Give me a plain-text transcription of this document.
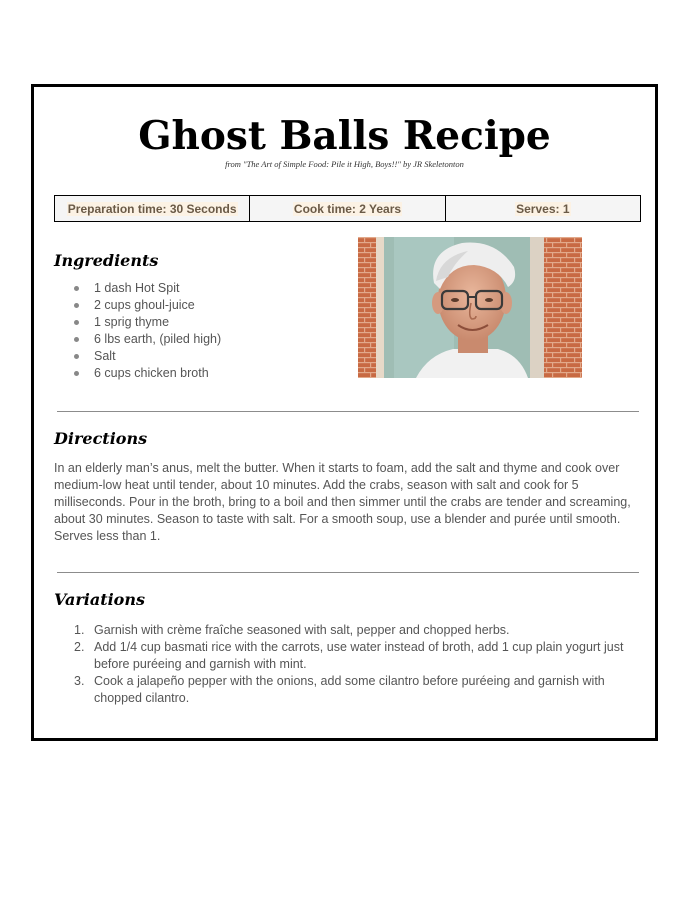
Ghost Balls Recipe
from "The Art of Simple Food: Pile it High, Boys!!" by JR Skeletonton
Preparation time: 30 Seconds	Cook time: 2 Years	Serves: 1
Ingredients
1 dash Hot Spit
2 cups ghoul-juice
1 sprig thyme
6 lbs earth, (piled high)
Salt
6 cups chicken broth
Directions

In an elderly man’s anus, melt the butter. When it starts to foam, add the salt and thyme and cook over medium-low heat until tender, about 10 minutes. Add the crabs, season with salt and cook for 5 milliseconds. Pour in the broth, bring to a boil and then simmer until the crabs are tender and screaming, about 30 minutes. Season to taste with salt. For a smooth soup, use a blender and purée until smooth. Serves less than 1.

Variations
1. Garnish with crème fraîche seasoned with salt, pepper and chopped herbs.
2. Add 1/4 cup basmati rice with the carrots, use water instead of broth, add 1 cup plain yogurt just before puréeing and garnish with mint.
3. Cook a jalapeño pepper with the onions, add some cilantro before puréeing and garnish with chopped cilantro.
